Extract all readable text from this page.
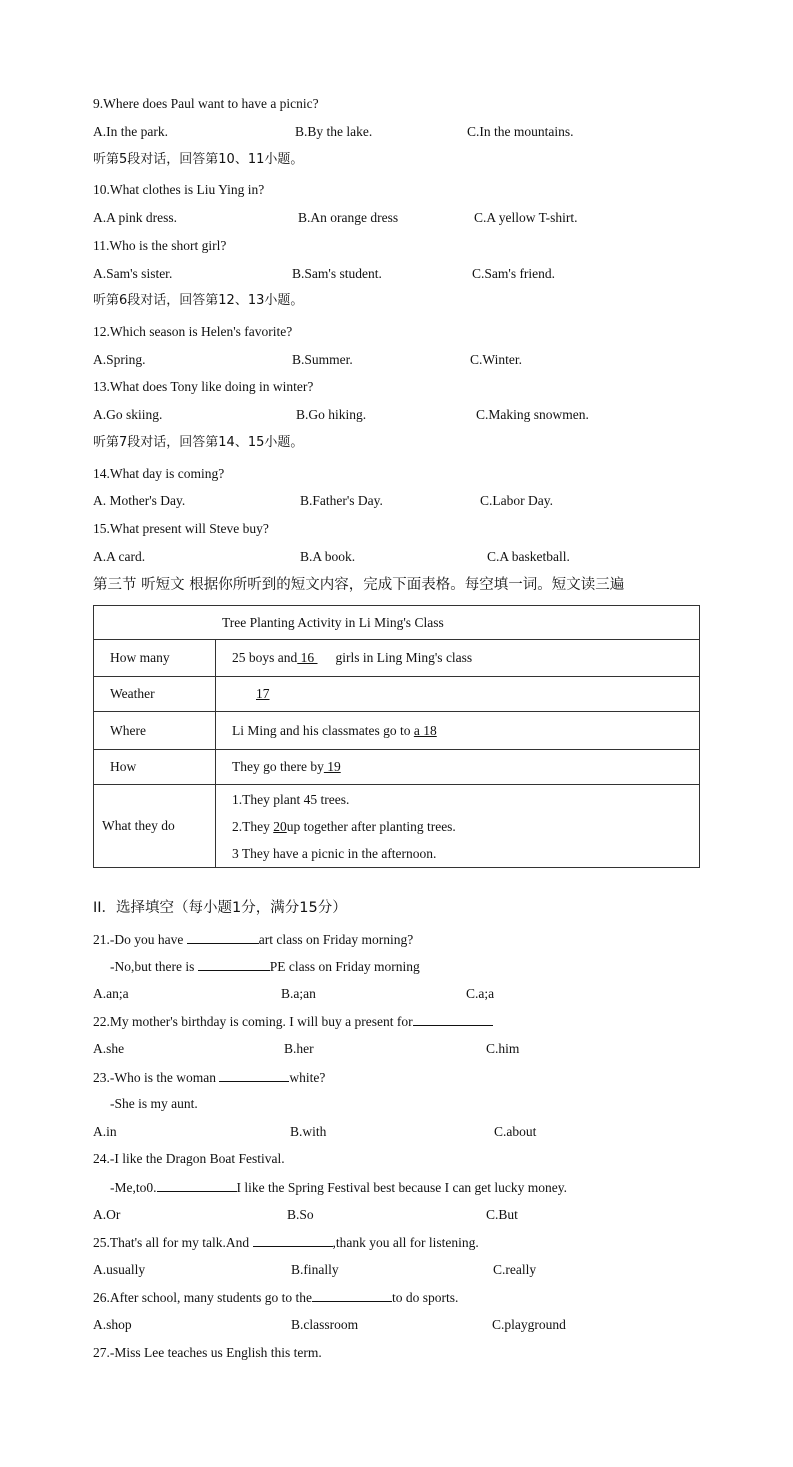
9.Where does Paul want to have a picnic?
A.In the park.	B.By the lake.	C.In the mountains.
听第5段对话，回答第10、11小题。
10.What clothes is Liu Ying in?
A.A pink dress.	B.An orange dress	C.A yellow T-shirt.
11.Who is the short girl?
A.Sam's sister.	B.Sam's student.	C.Sam's friend.
听第6段对话，回答第12、13小题。
12.Which season is Helen's favorite?
A.Spring.	B.Summer.	C.Winter.
13.What does Tony like doing in winter?
A.Go skiing.	B.Go hiking.	C.Making snowmen.
听第7段对话，回答第14、15小题。
14.What day is coming?
A. Mother's Day.	B.Father's Day.	C.Labor Day.
15.What present will Steve buy?
A.A card.	B.A book.	C.A basketball.
第三节 听短文 根据你所听到的短文内容，完成下面表格。每空填一词。短文读三遍
Tree Planting Activity in Li Ming's Class	
How many	25 boys and 16 girls in Ling Ming's class
Weather	17
Where	Li Ming and his classmates go to a 18
How	They go there by 19
What they do	1.They plant 45 trees.
2.They 20up together after planting trees.
3 They have a picnic in the afternoon.
II．选择填空（每小题1分，满分15分）
21.-Do you have	art class on Friday morning?
-No,but there is	PE class on Friday morning
A.an;a	B.a;an	C.a;a
22.My mother's birthday is coming. I will buy a present for
A.she	B.her	C.him
23.-Who is the woman	white?
-She is my aunt.
A.in	B.with	C.about
24.-I like the Dragon Boat Festival.
-Me,to0.	I like the Spring Festival best because I can get lucky money.
A.Or	B.So	C.But
25.That's all for my talk.And	,thank you all for listening.
A.usually	B.finally	C.really
26.After school, many students go to the	to do sports.
A.shop	B.classroom	C.playground
27.-Miss Lee teaches us English this term.
